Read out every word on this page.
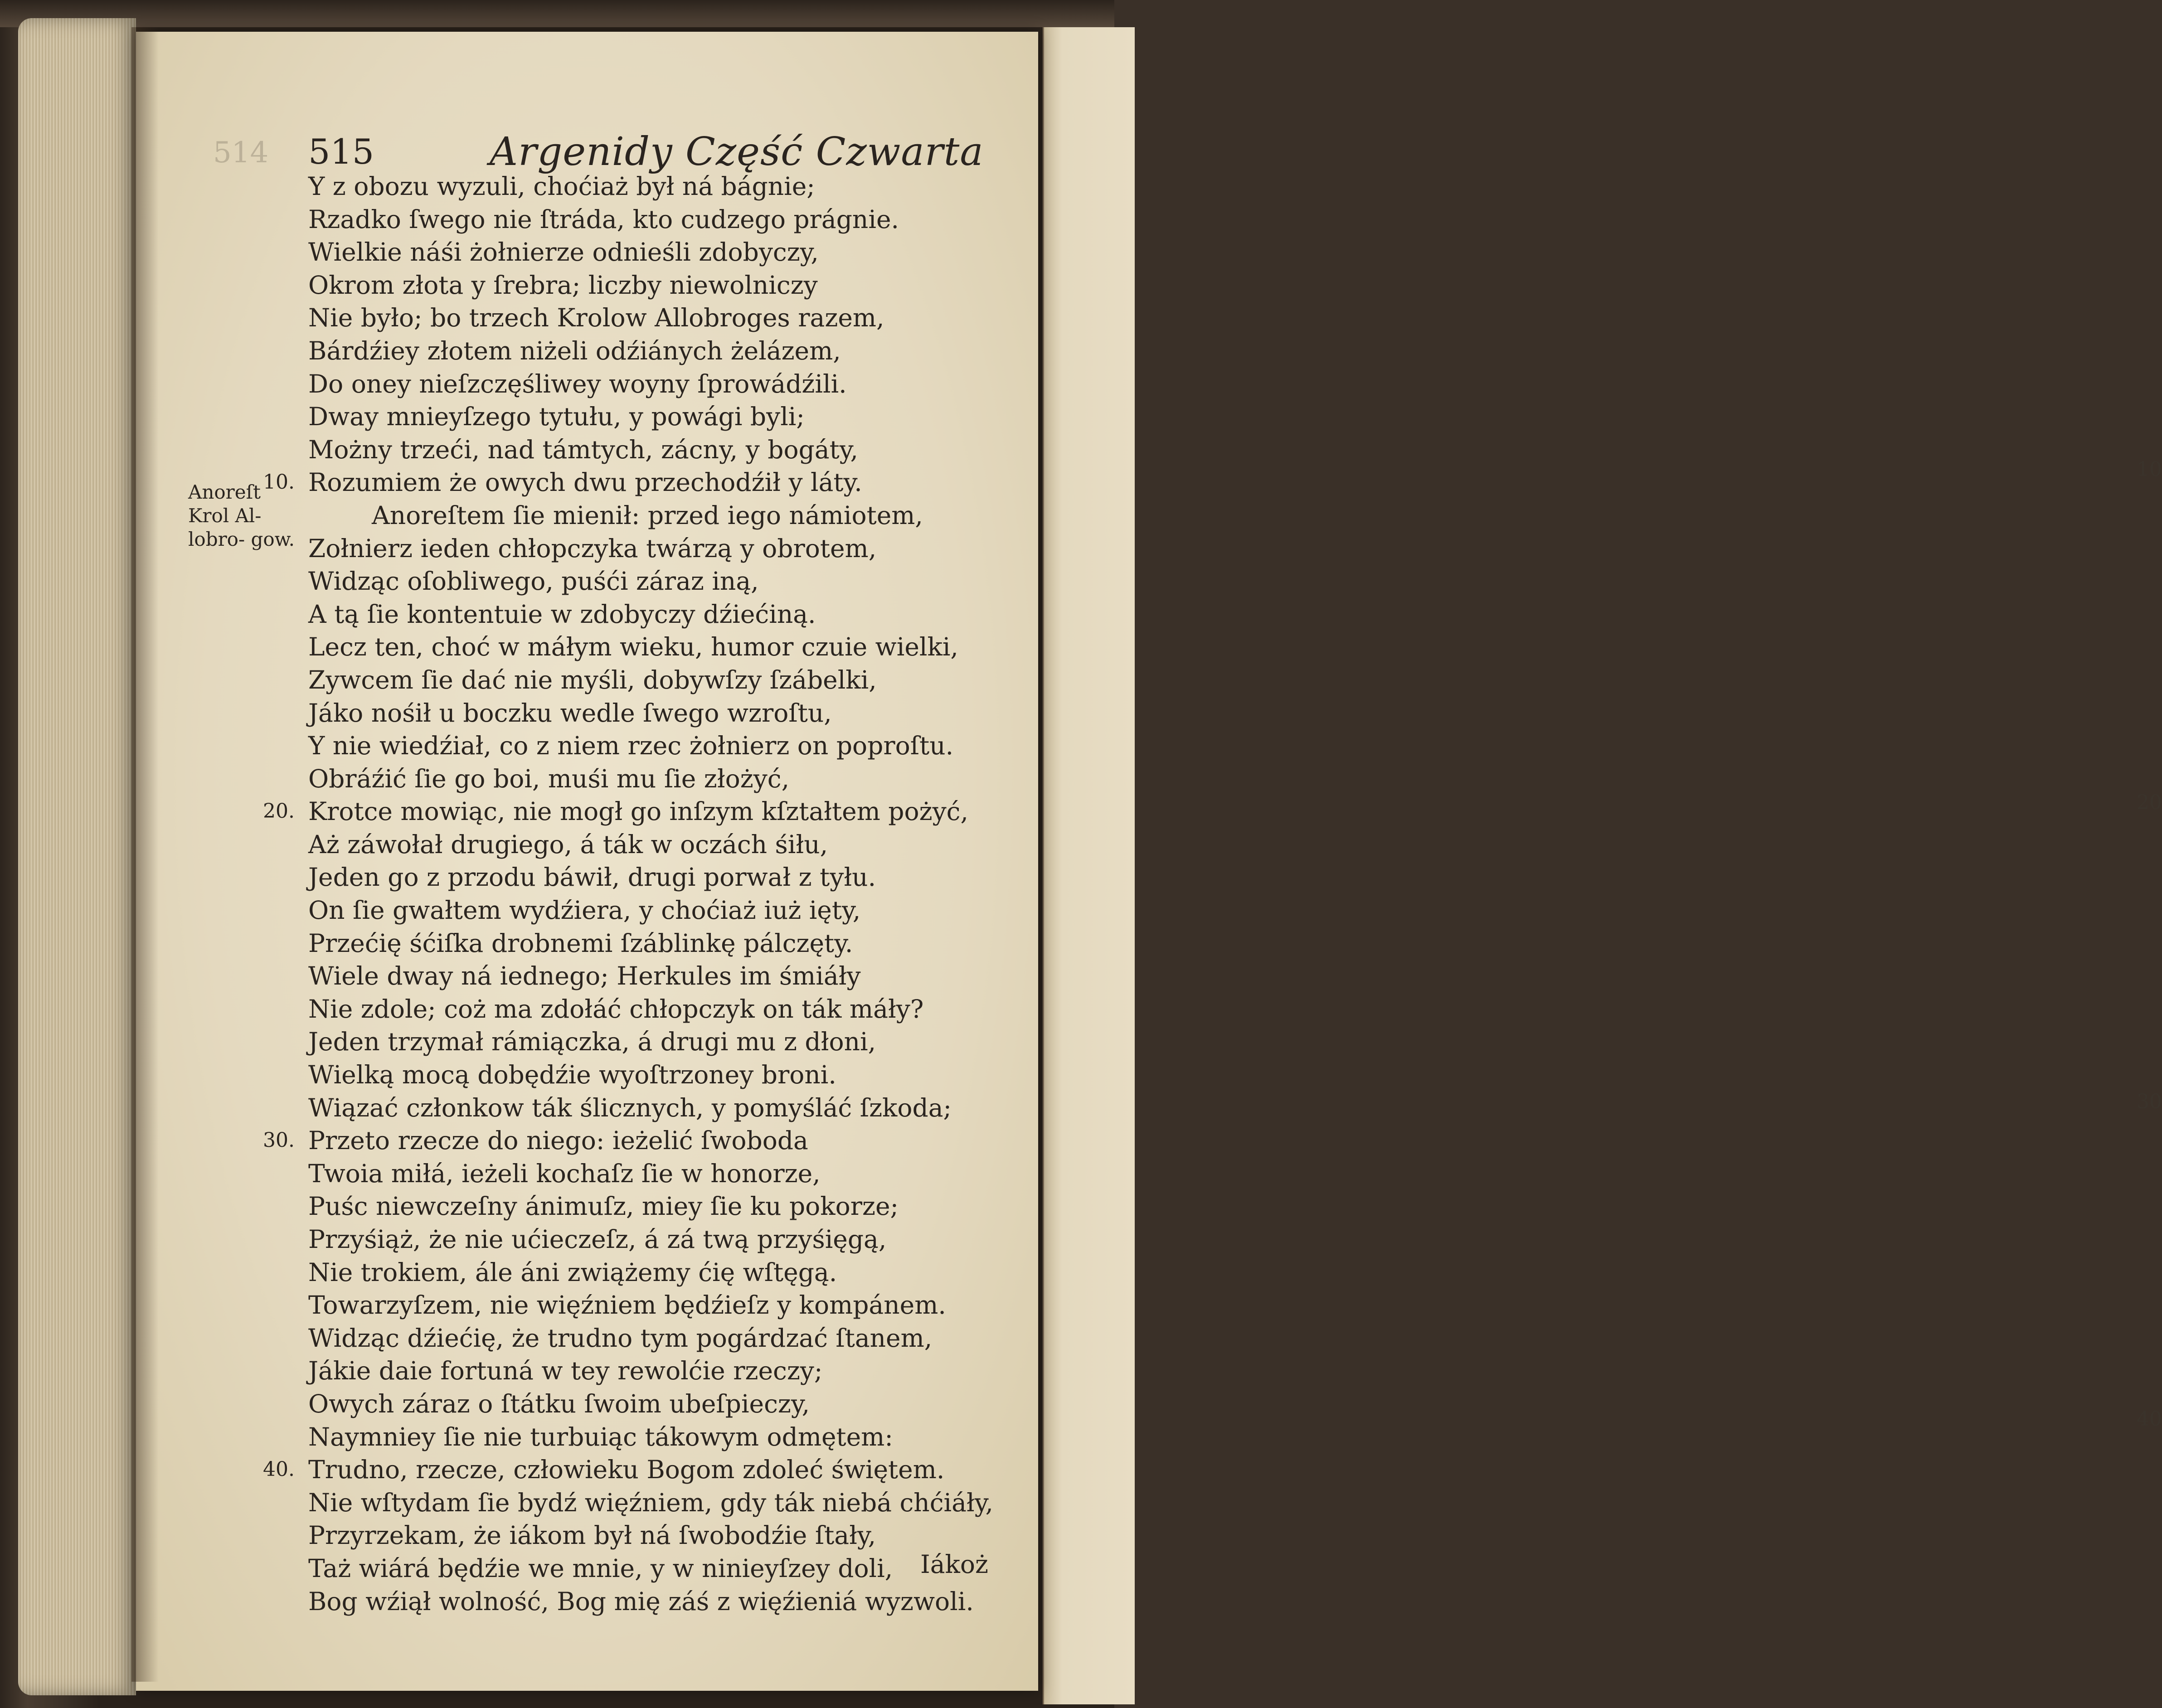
10
20
30
40
514 515	Argenidy Część Czwarta
Anoreſt Krol Al- lobro- gow.
Y z obozu wyzuli, choćiaż był ná bágnie;
Rzadko ſwego nie ſtráda, kto cudzego prágnie.
Wielkie náśi żołnierze odnieśli zdobyczy,
Okrom złota y ſrebra; liczby niewolniczy
Nie było; bo trzech Krolow Allobroges razem,
Bárdźiey złotem niżeli odźiánych żelázem,
Do oney nieſzczęśliwey woyny ſprowádźili.
Dway mnieyſzego tytułu, y powági byli;
Możny trzeći, nad támtych, zácny, y bogáty,
10. Rozumiem że owych dwu przechodźił y láty.
Anoreſtem ſie mienił: przed iego námiotem,
Zołnierz ieden chłopczyka twárzą y obrotem,
Widząc oſobliwego, puśći záraz iną,
A tą ſie kontentuie w zdobyczy dźiećiną.
Lecz ten, choć w máłym wieku, humor czuie wielki,
Zywcem ſie dać nie myśli, dobywſzy ſzábelki,
Jáko nośił u boczku wedle ſwego wzroſtu,
Y nie wiedźiał, co z niem rzec żołnierz on poproſtu.
Obráźić ſie go boi, muśi mu ſie złożyć,
20. Krotce mowiąc, nie mogł go inſzym kſztałtem pożyć,
Aż záwołał drugiego, á ták w oczách śiłu,
Jeden go z przodu báwił, drugi porwał z tyłu.
On ſie gwałtem wydźiera, y choćiaż iuż ięty,
Przećię śćiſka drobnemi ſzáblinkę pálczęty.
Wiele dway ná iednego; Herkules im śmiáły
Nie zdole; coż ma zdołáć chłopczyk on ták máły?
Jeden trzymał rámiączka, á drugi mu z dłoni,
Wielką mocą dobędźie wyoſtrzoney broni.
Wiązać członkow ták ślicznych, y pomyśláć ſzkoda;
30. Przeto rzecze do niego: ieżelić ſwoboda
Twoia miłá, ieżeli kochaſz ſie w honorze,
Puśc niewczeſny ánimuſz, miey ſie ku pokorze;
Przyśiąż, że nie ućieczeſz, á zá twą przyśięgą,
Nie trokiem, ále áni zwiążemy ćię wſtęgą.
Towarzyſzem, nie więźniem będźieſz y kompánem.
Widząc dźiećię, że trudno tym pogárdzać ſtanem,
Jákie daie fortuná w tey rewolćie rzeczy;
Owych záraz o ſtátku ſwoim ubeſpieczy,
Naymniey ſie nie turbuiąc tákowym odmętem:
40. Trudno, rzecze, człowieku Bogom zdoleć świętem.
Nie wſtydam ſie bydź więźniem, gdy ták niebá chćiáły,
Przyrzekam, że iákom był ná ſwobodźie ſtały,
Taż wiárá będźie we mnie, y w ninieyſzey doli,
Bog wźiął wolność, Bog mię záś z więźieniá wyzwoli.
Iákoż
